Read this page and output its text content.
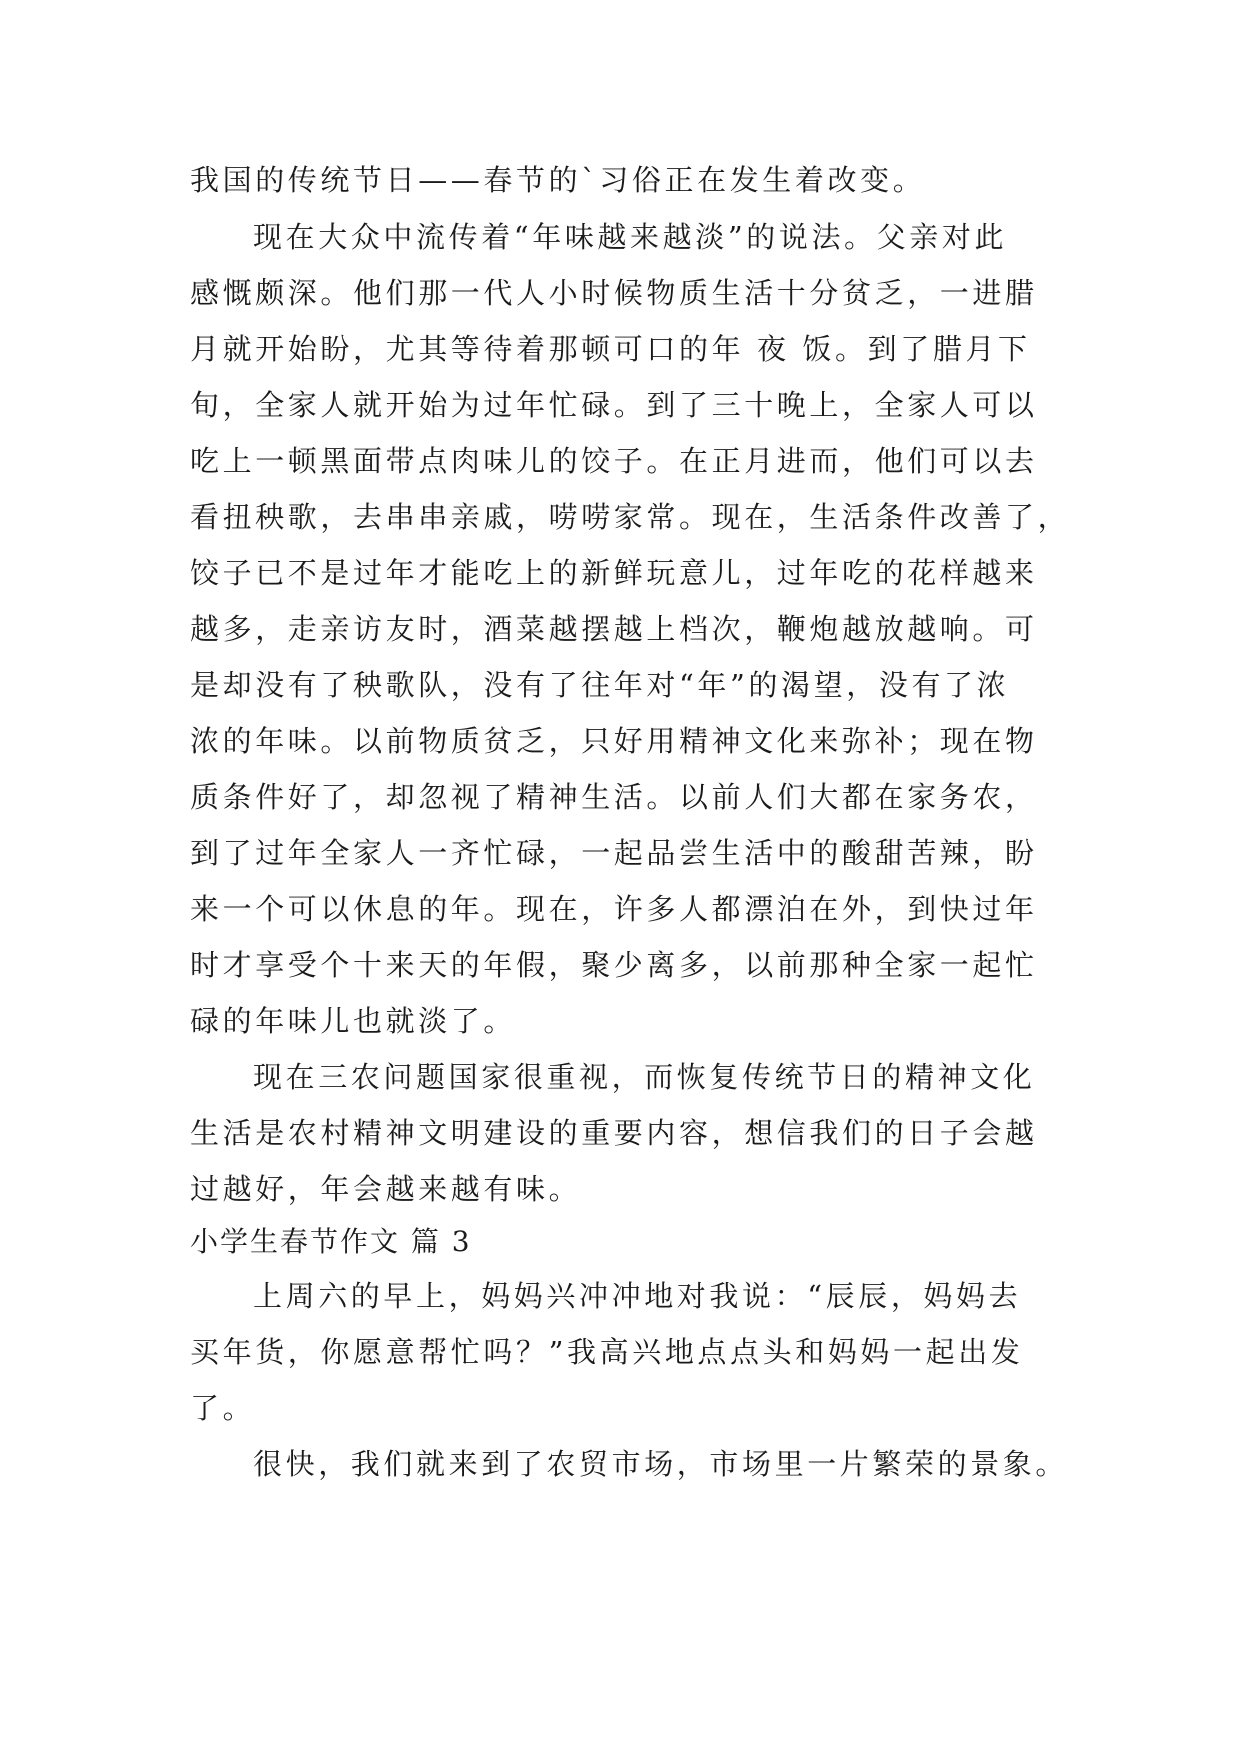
我国的传统节日——春节的`习俗正在发生着改变。
现在大众中流传着“年味越来越淡”的说法。父亲对此
感慨颇深。他们那一代人小时候物质生活十分贫乏，一进腊
月就开始盼，尤其等待着那顿可口的年 夜 饭。到了腊月下
旬，全家人就开始为过年忙碌。到了三十晚上，全家人可以
吃上一顿黑面带点肉味儿的饺子。在正月进而，他们可以去
看扭秧歌，去串串亲戚，唠唠家常。现在，生活条件改善了，
饺子已不是过年才能吃上的新鲜玩意儿，过年吃的花样越来
越多，走亲访友时，酒菜越摆越上档次，鞭炮越放越响。可
是却没有了秧歌队，没有了往年对“年”的渴望，没有了浓
浓的年味。以前物质贫乏，只好用精神文化来弥补；现在物
质条件好了，却忽视了精神生活。以前人们大都在家务农，
到了过年全家人一齐忙碌，一起品尝生活中的酸甜苦辣，盼
来一个可以休息的年。现在，许多人都漂泊在外，到快过年
时才享受个十来天的年假，聚少离多，以前那种全家一起忙
碌的年味儿也就淡了。
现在三农问题国家很重视，而恢复传统节日的精神文化
生活是农村精神文明建设的重要内容，想信我们的日子会越
过越好，年会越来越有味。
小学生春节作文 篇 3
上周六的早上，妈妈兴冲冲地对我说：“辰辰，妈妈去
买年货，你愿意帮忙吗？”我高兴地点点头和妈妈一起出发
了。
很快，我们就来到了农贸市场，市场里一片繁荣的景象。
